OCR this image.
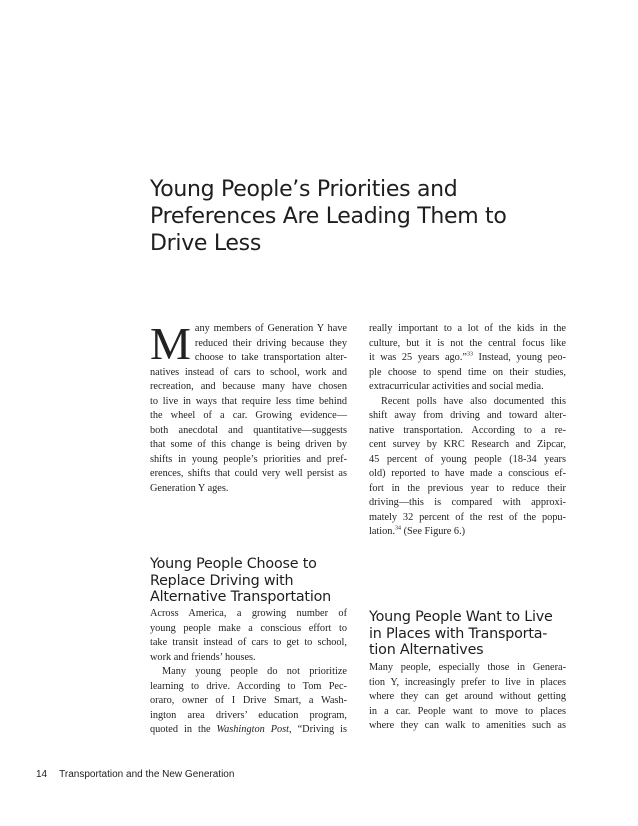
Young People’s Priorities and
Preferences Are Leading Them to
Drive Less

M any members of Generation Y have
reduced their driving because they
choose to take transportation alter-
natives instead of cars to school, work and
recreation, and because many have chosen
to live in ways that require less time behind
the wheel of a car. Growing evidence—
both anecdotal and quantitative—suggests
that some of this change is being driven by
shifts in young people’s priorities and pref-
erences, shifts that could very well persist as
Generation Y ages.

Young People Choose to
Replace Driving with
Alternative Transportation

Across America, a growing number of
young people make a conscious effort to
take transit instead of cars to get to school,
work and friends’ houses.

Many young people do not prioritize
learning to drive. According to Tom Pec-
oraro, owner of I Drive Smart, a Wash-
ington area drivers’ education program,
quoted in the Washington Post, “Driving is

really important to a lot of the kids in the
culture, but it is not the central focus like
it was 25 years ago.”$^{33}$ Instead, young peo-
ple choose to spend time on their studies,
extracurricular activities and social media.

Recent polls have also documented this
shift away from driving and toward alter-
native transportation. According to a re-
cent survey by KRC Research and Zipcar,
45 percent of young people (18-34 years
old) reported to have made a conscious ef-
fort in the previous year to reduce their
driving—this is compared with approxi-
mately 32 percent of the rest of the popu-
lation.$^{34}$ (See Figure 6.)

Young People Want to Live
in Places with Transporta-
tion Alternatives

Many people, especially those in Genera-
tion Y, increasingly prefer to live in places
where they can get around without getting
in a car. People want to move to places
where they can walk to amenities such as

14 Transportation and the New Generation
